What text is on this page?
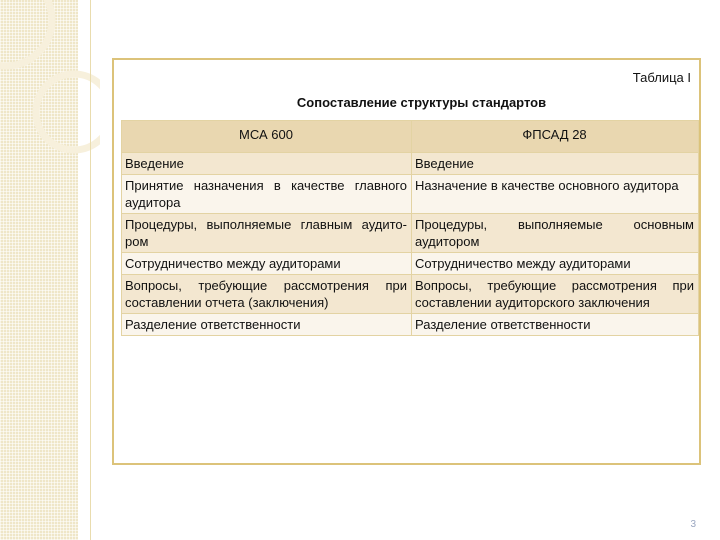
Таблица I
Сопоставление структуры стандартов
МСА 600	ФПСАД 28
Введение	Введение
Принятие назначения в качестве главного аудитора	Назначение в качестве основного аудитора
Процедуры, выполняемые главным аудито-ром	Процедуры, выполняемые основным аудитором
Сотрудничество между аудиторами	Сотрудничество между аудиторами
Вопросы, требующие рассмотрения при составлении отчета (заключения)	Вопросы, требующие рассмотрения при составлении аудиторского заключения
Разделение ответственности	Разделение ответственности
3
